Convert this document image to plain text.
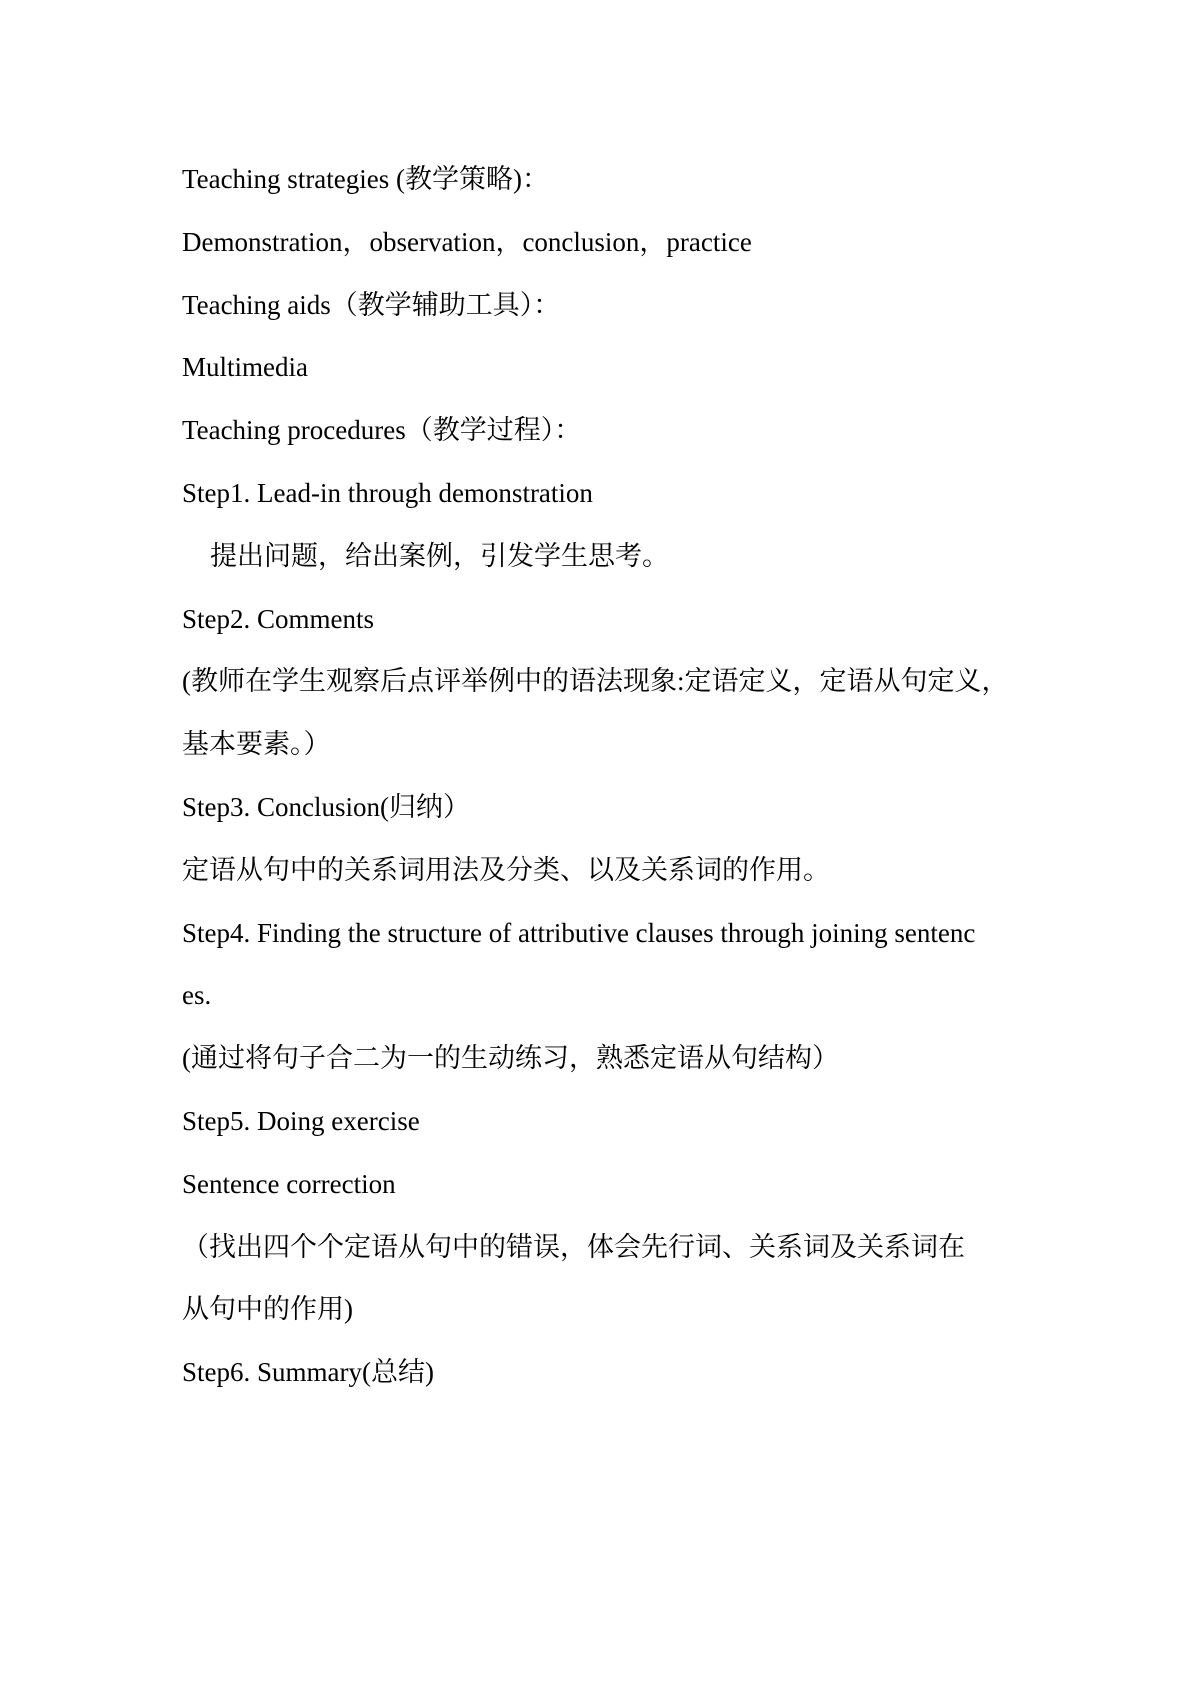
Teaching strategies (教学策略)：
Demonstration，observation，conclusion，practice
Teaching aids（教学辅助工具）：
Multimedia
Teaching procedures（教学过程）：
Step1. Lead-in through demonstration
提出问题，给出案例，引发学生思考。
Step2. Comments
(教师在学生观察后点评举例中的语法现象:定语定义，定语从句定义，
基本要素。）
Step3. Conclusion(归纳）
定语从句中的关系词用法及分类、以及关系词的作用。
Step4. Finding the structure of attributive clauses through joining sentenc
es.
(通过将句子合二为一的生动练习，熟悉定语从句结构）
Step5. Doing exercise
Sentence correction
（找出四个个定语从句中的错误，体会先行词、关系词及关系词在
从句中的作用)
Step6. Summary(总结)
